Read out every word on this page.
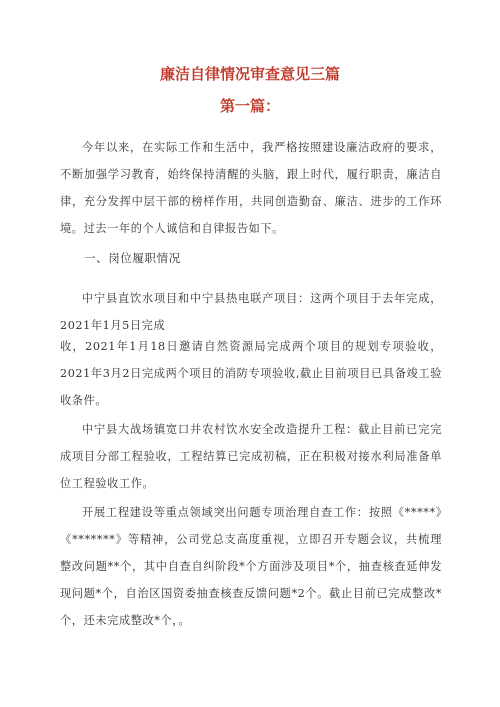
廉洁自律情况审查意见三篇
第一篇：

今年以来，在实际工作和生活中，我严格按照建设廉洁政府的要求，不断加强学习教育，始终保持清醒的头脑，跟上时代，履行职责，廉洁自律，充分发挥中层干部的榜样作用，共同创造勤奋、廉洁、进步的工作环境。过去一年的个人诚信和自律报告如下。

一、岗位履职情况

中宁县直饮水项目和中宁县热电联产项目：这两个项目于去年完成，2021年1月5日完成

收，2021年1月18日邀请自然资源局完成两个项目的规划专项验收，2021年3月2日完成两个项目的消防专项验收,截止目前项目已具备竣工验收条件。

中宁县大战场镇宽口井农村饮水安全改造提升工程：截止目前已完完成项目分部工程验收，工程结算已完成初稿，正在积极对接水利局准备单位工程验收工作。

开展工程建设等重点领域突出问题专项治理自查工作：按照《*****》《*******》等精神，公司党总支高度重视，立即召开专题会议，共梳理整改问题**个，其中自查自纠阶段*个方面涉及项目*个，抽查核查延伸发现问题*个，自治区国资委抽查核查反馈问题*2个。截止目前已完成整改*个，还未完成整改*个，。
